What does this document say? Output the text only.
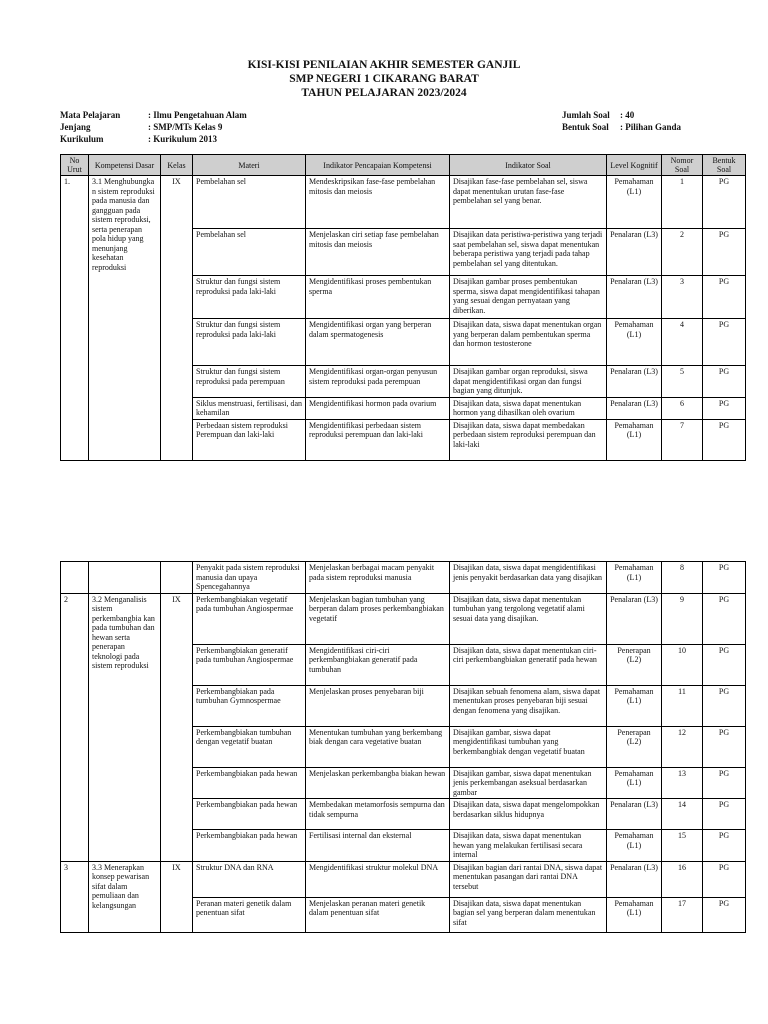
KISI-KISI PENILAIAN AKHIR SEMESTER GANJIL
SMP NEGERI 1 CIKARANG BARAT
TAHUN PELAJARAN 2023/2024
Mata Pelajaran	: Ilmu Pengetahuan Alam
Jenjang	: SMP/MTs Kelas 9
Kurikulum	: Kurikulum 2013
Jumlah Soal : 40
Bentuk Soal : Pilihan Ganda
No Urut	Kompetensi Dasar	Kelas	Materi	Indikator Pencapaian Kompetensi	Indikator Soal	Level Kognitif	Nomor Soal	Bentuk Soal
1.	3.1 Menghubungka n sistem reproduksi pada manusia dan gangguan pada sistem reproduksi, serta penerapan pola hidup yang menunjang kesehatan reproduksi	IX	Pembelahan sel	Mendeskripsikan fase-fase pembelahan mitosis dan meiosis	Disajikan fase-fase pembelahan sel, siswa dapat menentukan urutan fase-fase pembelahan sel yang benar.	Pemahaman (L1)	1	PG
			Pembelahan sel	Menjelaskan ciri setiap fase pembelahan mitosis dan meiosis	Disajikan data peristiwa-peristiwa yang terjadi saat pembelahan sel, siswa dapat menentukan beberapa peristiwa yang terjadi pada tahap pembelahan sel yang ditentukan.	Penalaran (L3)	2	PG
			Struktur dan fungsi sistem reproduksi pada laki-laki	Mengidentifikasi proses pembentukan sperma	Disajikan gambar proses pembentukan sperma, siswa dapat mengidentifikasi tahapan yang sesuai dengan pernyataan yang diberikan.	Penalaran (L3)	3	PG
			Struktur dan fungsi sistem reproduksi pada laki-laki	Mengidentifikasi organ yang berperan dalam spermatogenesis	Disajikan data, siswa dapat menentukan organ yang berperan dalam pembentukan sperma dan hormon testosterone	Pemahaman (L1)	4	PG
			Struktur dan fungsi sistem reproduksi pada perempuan	Mengidentifikasi organ-organ penyusun sistem reproduksi pada perempuan	Disajikan gambar organ reproduksi, siswa dapat mengidentifikasi organ dan fungsi bagian yang ditunjuk.	Penalaran (L3)	5	PG
			Siklus menstruasi, fertilisasi, dan kehamilan	Mengidentifikasi hormon pada ovarium	Disajikan data, siswa dapat menentukan hormon yang dihasilkan oleh ovarium	Penalaran (L3)	6	PG
			Perbedaan sistem reproduksi Perempuan dan laki-laki	Mengidentifikasi perbedaan sistem reproduksi perempuan dan laki-laki	Disajikan data, siswa dapat membedakan perbedaan sistem reproduksi perempuan dan laki-laki	Pemahaman (L1)	7	PG
			Penyakit pada sistem reproduksi manusia dan upaya Spencegahannya	Menjelaskan berbagai macam penyakit pada sistem reproduksi manusia	Disajikan data, siswa dapat mengidentifikasi jenis penyakit berdasarkan data yang disajikan	Pemahaman (L1)	8	PG
2	3.2 Menganalisis sistem perkembangbia kan pada tumbuhan dan hewan serta penerapan teknologi pada sistem reproduksi	IX	Perkembangbiakan vegetatif pada tumbuhan Angiospermae	Menjelaskan bagian tumbuhan yang berperan dalam proses perkembangbiakan vegetatif	Disajikan data, siswa dapat menentukan tumbuhan yang tergolong vegetatif alami sesuai data yang disajikan.	Penalaran (L3)	9	PG
			Perkembangbiakan generatif pada tumbuhan Angiospermae	Mengidentifikasi ciri-ciri perkembangbiakan generatif pada tumbuhan	Disajikan data, siswa dapat menentukan ciri-ciri perkembangbiakan generatif pada hewan	Penerapan (L2)	10	PG
			Perkembangbiakan pada tumbuhan Gymnospermae	Menjelaskan proses penyebaran biji	Disajikan sebuah fenomena alam, siswa dapat menentukan proses penyebaran biji sesuai dengan fenomena yang disajikan.	Pemahaman (L1)	11	PG
			Perkembangbiakan tumbuhan dengan vegetatif buatan	Menentukan tumbuhan yang berkembang biak dengan cara vegetative buatan	Disajikan gambar, siswa dapat mengidentifikasi tumbuhan yang berkembangbiak dengan vegetatif buatan	Penerapan (L2)	12	PG
			Perkembangbiakan pada hewan	Menjelaskan perkembangba biakan hewan	Disajikan gambar, siswa dapat menentukan jenis perkembangan aseksual berdasarkan gambar	Pemahaman (L1)	13	PG
			Perkembangbiakan pada hewan	Membedakan metamorfosis sempurna dan tidak sempurna	Disajikan data, siswa dapat mengelompokkan berdasarkan siklus hidupnya	Penalaran (L3)	14	PG
			Perkembangbiakan pada hewan	Fertilisasi internal dan eksternal	Disajikan data, siswa dapat menentukan hewan yang melakukan fertilisasi secara internal	Pemahaman (L1)	15	PG
3	3.3 Menerapkan konsep pewarisan sifat dalam pemuliaan dan kelangsungan	IX	Struktur DNA dan RNA	Mengidentifikasi struktur molekul DNA	Disajikan bagian dari rantai DNA, siswa dapat menentukan pasangan dari rantai DNA tersebut	Penalaran (L3)	16	PG
			Peranan materi genetik dalam penentuan sifat	Menjelaskan peranan materi genetik dalam penentuan sifat	Disajikan data, siswa dapat menentukan bagian sel yang berperan dalam menentukan sifat	Pemahaman (L1)	17	PG
